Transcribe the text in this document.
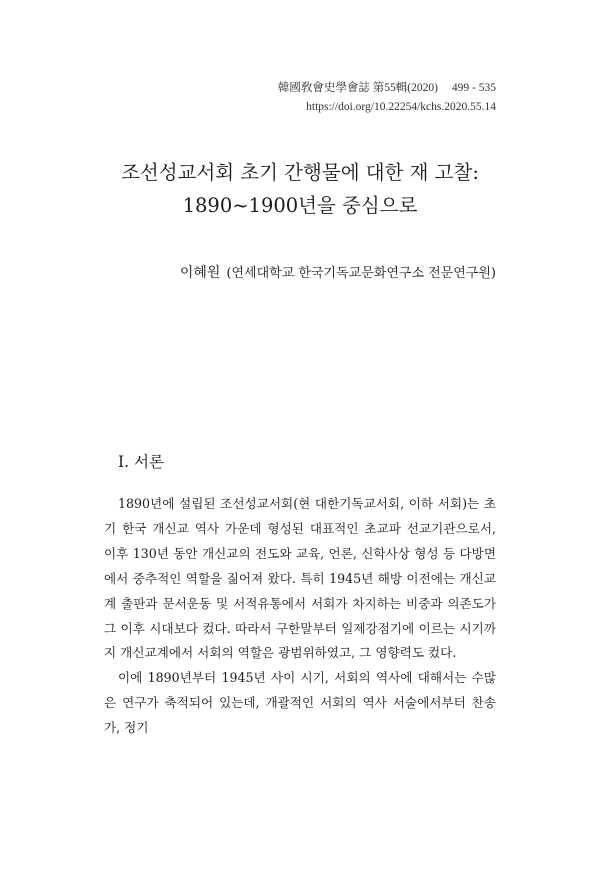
韓國敎會史學會誌 第55輯(2020) 499 - 535
https://doi.org/10.22254/kchs.2020.55.14
조선성교서회 초기 간행물에 대한 재 고찰:
1890~1900년을 중심으로
이혜원 (연세대학교 한국기독교문화연구소 전문연구원)
I. 서론

1890년에 설립된 조선성교서회(현 대한기독교서회, 이하 서회)는 초기 한국 개신교 역사 가운데 형성된 대표적인 초교파 선교기관으로서, 이후 130년 동안 개신교의 전도와 교육, 언론, 신학사상 형성 등 다방면에서 중추적인 역할을 짊어져 왔다. 특히 1945년 해방 이전에는 개신교계 출판과 문서운동 및 서적유통에서 서회가 차지하는 비중과 의존도가 그 이후 시대보다 컸다. 따라서 구한말부터 일제강점기에 이르는 시기까지 개신교계에서 서회의 역할은 광범위하였고, 그 영향력도 컸다.

이에 1890년부터 1945년 사이 시기, 서회의 역사에 대해서는 수많은 연구가 축적되어 있는데, 개괄적인 서회의 역사 서술에서부터 찬송가, 정기
